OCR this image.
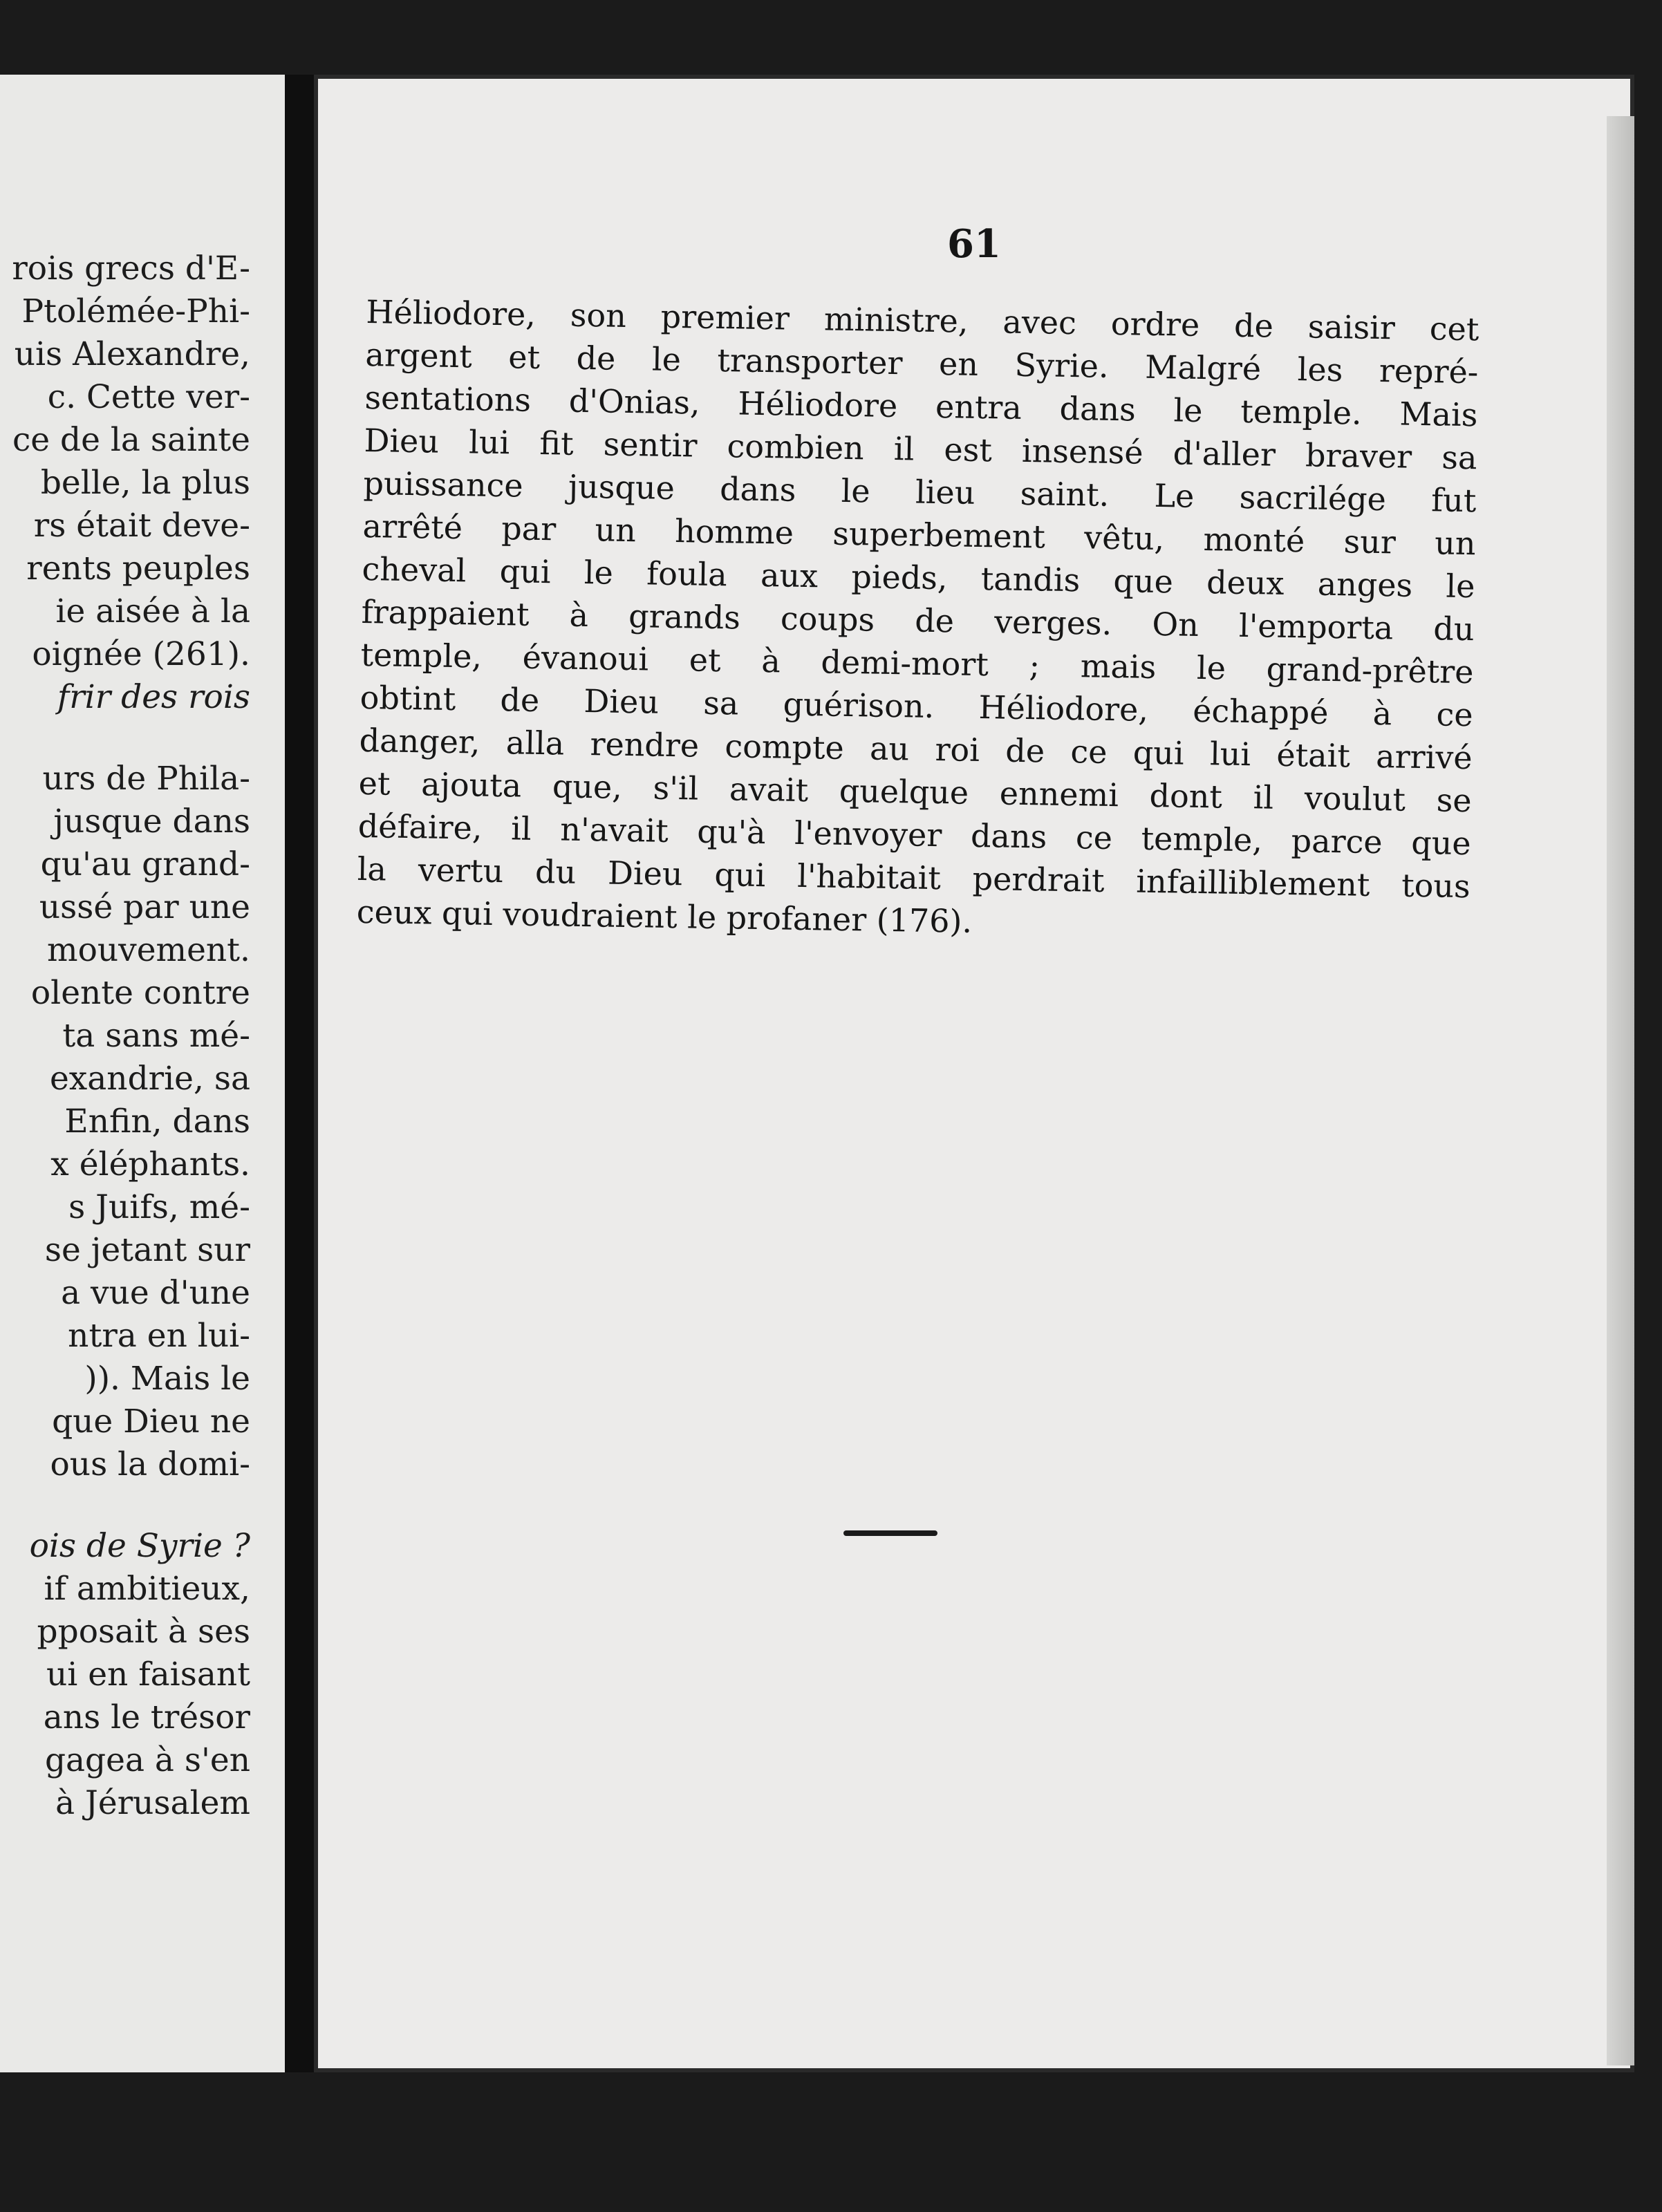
rois grecs d'E-
Ptolémée-Phi-
uis Alexandre,
c. Cette ver-
ce de la sainte
belle, la plus
rs était deve-
rents peuples
ie aisée à la
oignée (261).
frir des rois
urs de Phila-
jusque dans
qu'au grand-
ussé par une
mouvement.
olente contre
ta sans mé-
exandrie, sa
Enfin, dans
x éléphants.
s Juifs, mé-
se jetant sur
a vue d'une
ntra en lui-
)). Mais le
que Dieu ne
ous la domi-
ois de Syrie ?
if ambitieux,
pposait à ses
ui en faisant
ans le trésor
gagea à s'en
à Jérusalem
61
Héliodore, son premier ministre, avec ordre de saisir cet
argent et de le transporter en Syrie. Malgré les repré-
sentations d'Onias, Héliodore entra dans le temple. Mais
Dieu lui fit sentir combien il est insensé d'aller braver sa
puissance jusque dans le lieu saint. Le sacrilége fut
arrêté par un homme superbement vêtu, monté sur un
cheval qui le foula aux pieds, tandis que deux anges le
frappaient à grands coups de verges. On l'emporta du
temple, évanoui et à demi-mort ; mais le grand-prêtre
obtint de Dieu sa guérison. Héliodore, échappé à ce
danger, alla rendre compte au roi de ce qui lui était arrivé
et ajouta que, s'il avait quelque ennemi dont il voulut se
défaire, il n'avait qu'à l'envoyer dans ce temple, parce que
la vertu du Dieu qui l'habitait perdrait infailliblement tous
ceux qui voudraient le profaner (176).
